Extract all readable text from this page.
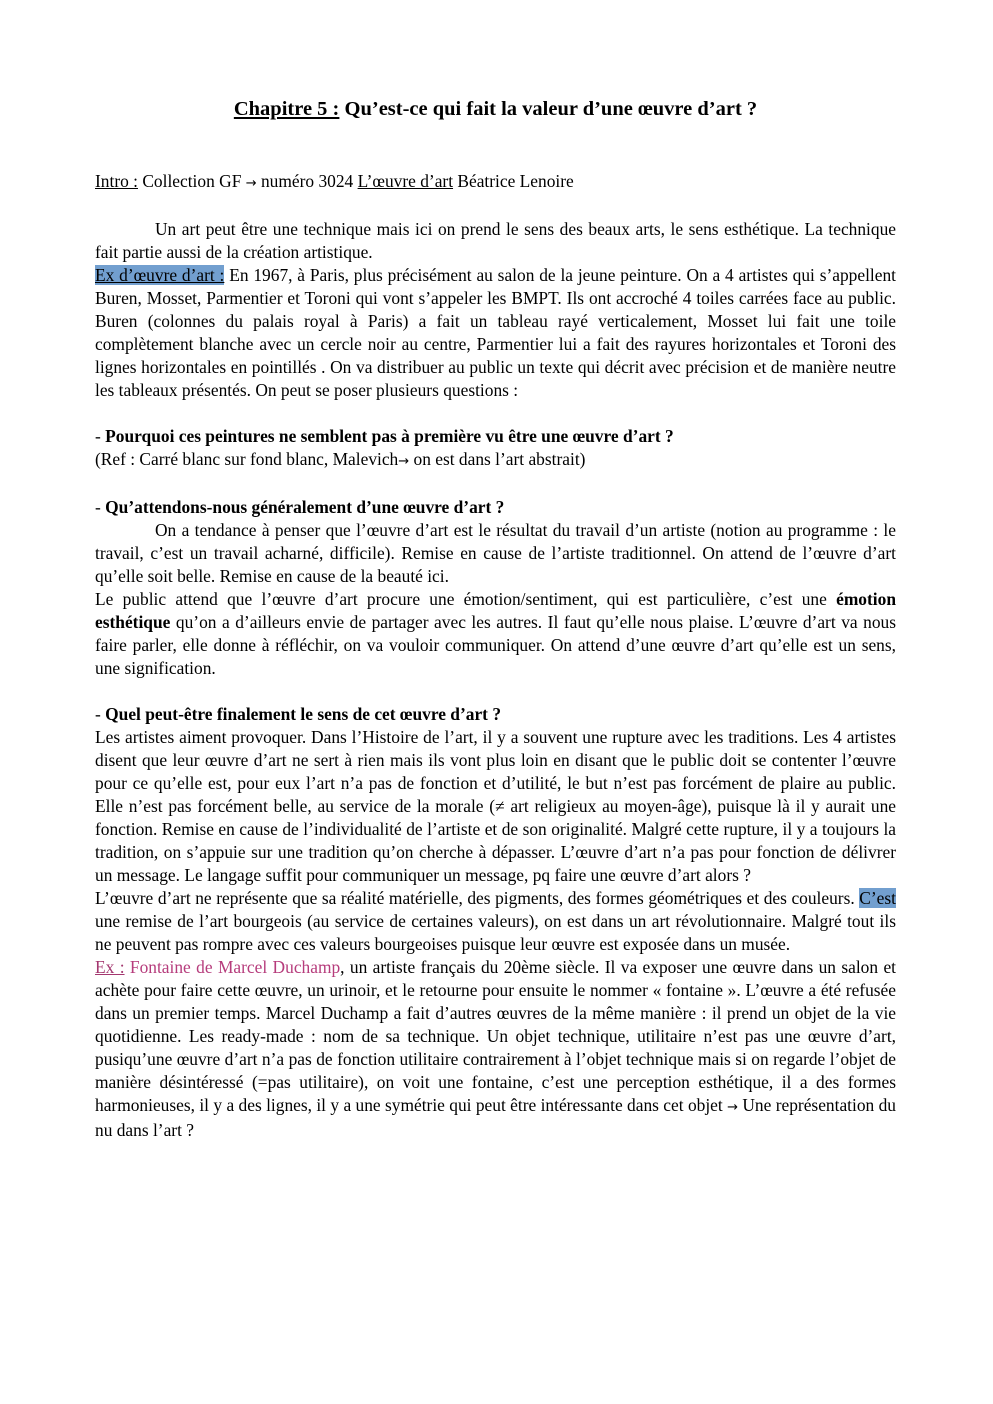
Chapitre 5 : Qu’est-ce qui fait la valeur d’une œuvre d’art ?

Intro : Collection GF → numéro 3024 L’œuvre d’art Béatrice Lenoire

Un art peut être une technique mais ici on prend le sens des beaux arts, le sens esthétique. La technique fait partie aussi de la création artistique.

Ex d’œuvre d’art : En 1967, à Paris, plus précisément au salon de la jeune peinture. On a 4 artistes qui s’appellent Buren, Mosset, Parmentier et Toroni qui vont s’appeler les BMPT. Ils ont accroché 4 toiles carrées face au public. Buren (colonnes du palais royal à Paris) a fait un tableau rayé verticalement, Mosset lui fait une toile complètement blanche avec un cercle noir au centre, Parmentier lui a fait des rayures horizontales et Toroni des lignes horizontales en pointillés . On va distribuer au public un texte qui décrit avec précision et de manière neutre les tableaux présentés. On peut se poser plusieurs questions :

- Pourquoi ces peintures ne semblent pas à première vu être une œuvre d’art ?

(Ref : Carré blanc sur fond blanc, Malevich→ on est dans l’art abstrait)

- Qu’attendons-nous généralement d’une œuvre d’art ?

On a tendance à penser que l’œuvre d’art est le résultat du travail d’un artiste (notion au programme : le travail, c’est un travail acharné, difficile). Remise en cause de l’artiste traditionnel. On attend de l’œuvre d’art qu’elle soit belle. Remise en cause de la beauté ici.

Le public attend que l’œuvre d’art procure une émotion/sentiment, qui est particulière, c’est une émotion esthétique qu’on a d’ailleurs envie de partager avec les autres. Il faut qu’elle nous plaise. L’œuvre d’art va nous faire parler, elle donne à réfléchir, on va vouloir communiquer. On attend d’une œuvre d’art qu’elle est un sens, une signification.

- Quel peut-être finalement le sens de cet œuvre d’art ?

Les artistes aiment provoquer. Dans l’Histoire de l’art, il y a souvent une rupture avec les traditions. Les 4 artistes disent que leur œuvre d’art ne sert à rien mais ils vont plus loin en disant que le public doit se contenter l’œuvre pour ce qu’elle est, pour eux l’art n’a pas de fonction et d’utilité, le but n’est pas forcément de plaire au public. Elle n’est pas forcément belle, au service de la morale (≠ art religieux au moyen-âge), puisque là il y aurait une fonction. Remise en cause de l’individualité de l’artiste et de son originalité. Malgré cette rupture, il y a toujours la tradition, on s’appuie sur une tradition qu’on cherche à dépasser. L’œuvre d’art n’a pas pour fonction de délivrer un message. Le langage suffit pour communiquer un message, pq faire une œuvre d’art alors ?

L’œuvre d’art ne représente que sa réalité matérielle, des pigments, des formes géométriques et des couleurs. C’est une remise de l’art bourgeois (au service de certaines valeurs), on est dans un art révolutionnaire. Malgré tout ils ne peuvent pas rompre avec ces valeurs bourgeoises puisque leur œuvre est exposée dans un musée.

Ex : Fontaine de Marcel Duchamp, un artiste français du 20ème siècle. Il va exposer une œuvre dans un salon et achète pour faire cette œuvre, un urinoir, et le retourne pour ensuite le nommer « fontaine ». L’œuvre a été refusée dans un premier temps. Marcel Duchamp a fait d’autres œuvres de la même manière : il prend un objet de la vie quotidienne. Les ready-made : nom de sa technique. Un objet technique, utilitaire n’est pas une œuvre d’art, pusiqu’une œuvre d’art n’a pas de fonction utilitaire contrairement à l’objet technique mais si on regarde l’objet de manière désintéressé (=pas utilitaire), on voit une fontaine, c’est une perception esthétique, il a des formes harmonieuses, il y a des lignes, il y a une symétrie qui peut être intéressante dans cet objet → Une représentation du nu dans l’art ?
